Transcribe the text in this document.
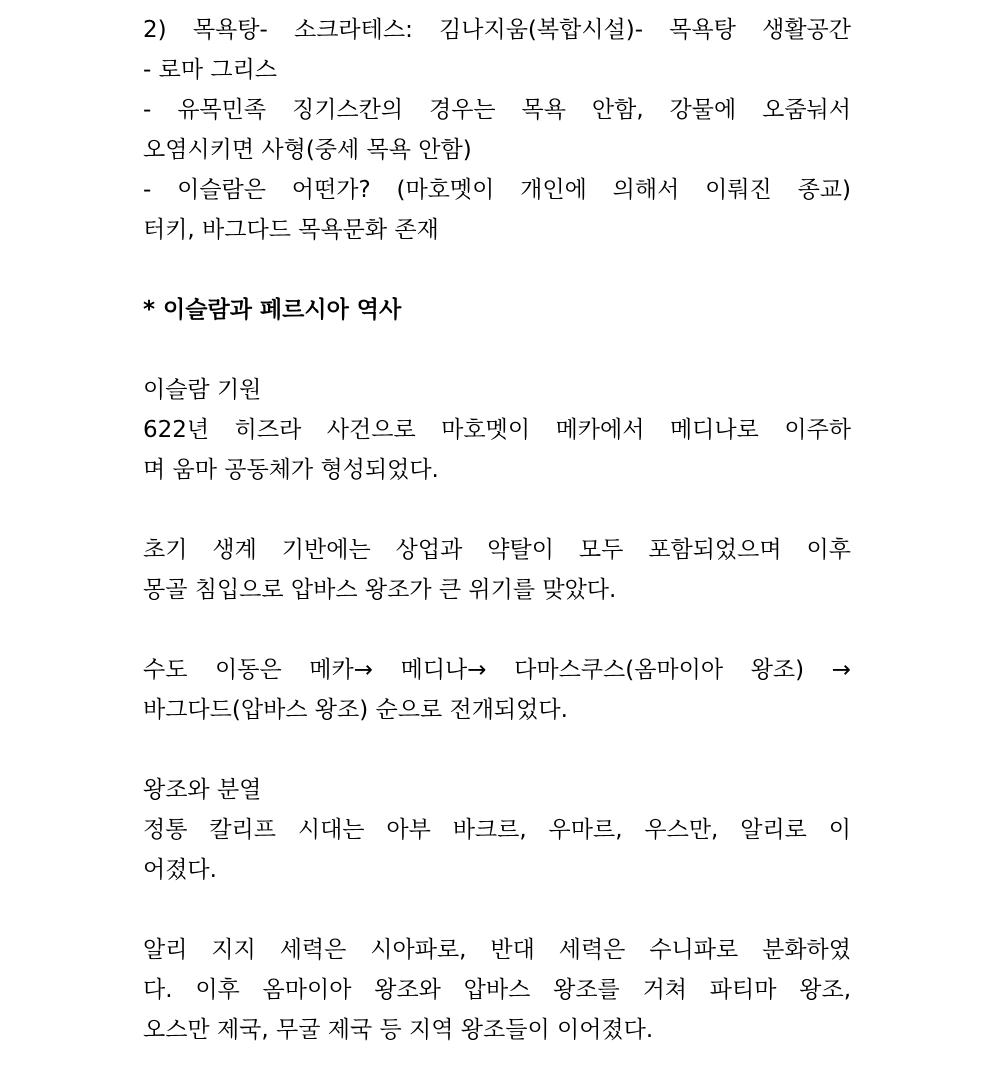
2) 목욕탕- 소크라테스: 김나지움(복합시설)- 목욕탕 생활공간
- 로마 그리스
- 유목민족 징기스칸의 경우는 목욕 안함, 강물에 오줌눠서
오염시키면 사형(중세 목욕 안함)
- 이슬람은 어떤가? (마호멧이 개인에 의해서 이뤄진 종교)
터키, 바그다드 목욕문화 존재
* 이슬람과 페르시아 역사
이슬람 기원
622년 히즈라 사건으로 마호멧이 메카에서 메디나로 이주하
며 움마 공동체가 형성되었다.
초기 생계 기반에는 상업과 약탈이 모두 포함되었으며 이후
몽골 침입으로 압바스 왕조가 큰 위기를 맞았다.
수도 이동은 메카→ 메디나→ 다마스쿠스(옴마이아 왕조) →
바그다드(압바스 왕조) 순으로 전개되었다.
왕조와 분열
정통 칼리프 시대는 아부 바크르, 우마르, 우스만, 알리로 이
어졌다.
알리 지지 세력은 시아파로, 반대 세력은 수니파로 분화하였
다. 이후 옴마이아 왕조와 압바스 왕조를 거쳐 파티마 왕조,
오스만 제국, 무굴 제국 등 지역 왕조들이 이어졌다.
